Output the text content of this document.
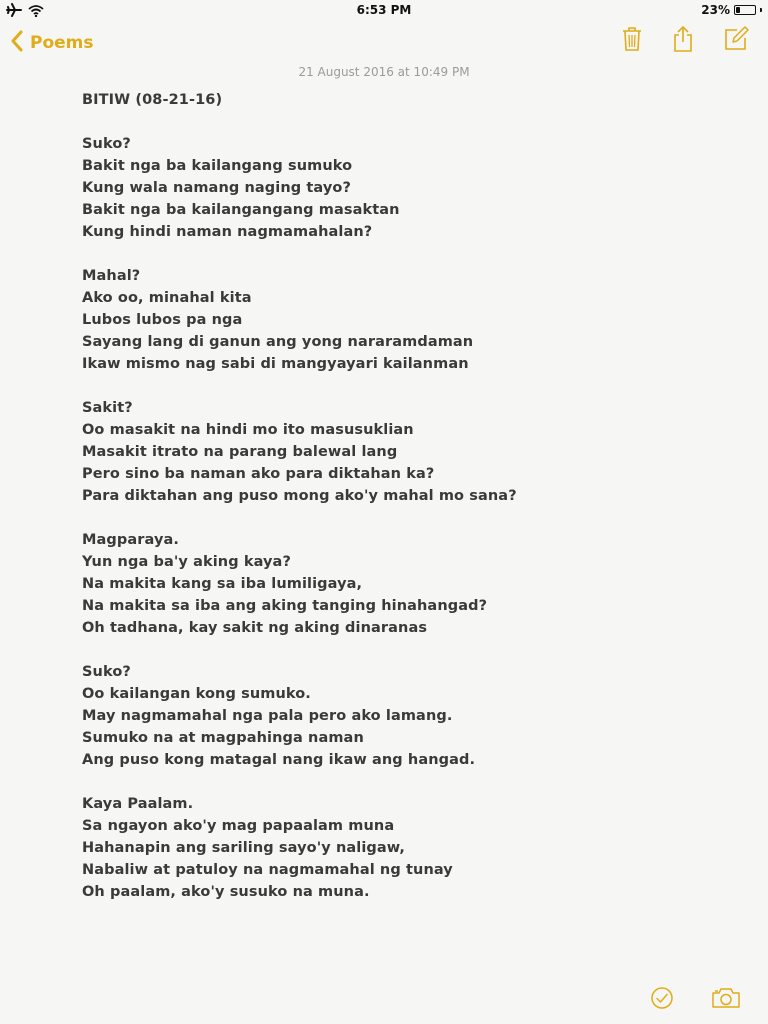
6:53 PM	23%
Poems
21 August 2016 at 10:49 PM
BITIW (08-21-16)
Suko?
Bakit nga ba kailangang sumuko
Kung wala namang naging tayo?
Bakit nga ba kailangangang masaktan
Kung hindi naman nagmamahalan?
Mahal?
Ako oo, minahal kita
Lubos lubos pa nga
Sayang lang di ganun ang yong nararamdaman
Ikaw mismo nag sabi di mangyayari kailanman
Sakit?
Oo masakit na hindi mo ito masusuklian
Masakit itrato na parang balewal lang
Pero sino ba naman ako para diktahan ka?
Para diktahan ang puso mong ako'y mahal mo sana?
Magparaya.
Yun nga ba'y aking kaya?
Na makita kang sa iba lumiligaya,
Na makita sa iba ang aking tanging hinahangad?
Oh tadhana, kay sakit ng aking dinaranas
Suko?
Oo kailangan kong sumuko.
May nagmamahal nga pala pero ako lamang.
Sumuko na at magpahinga naman
Ang puso kong matagal nang ikaw ang hangad.
Kaya Paalam.
Sa ngayon ako'y mag papaalam muna
Hahanapin ang sariling sayo'y naligaw,
Nabaliw at patuloy na nagmamahal ng tunay
Oh paalam, ako'y susuko na muna.
